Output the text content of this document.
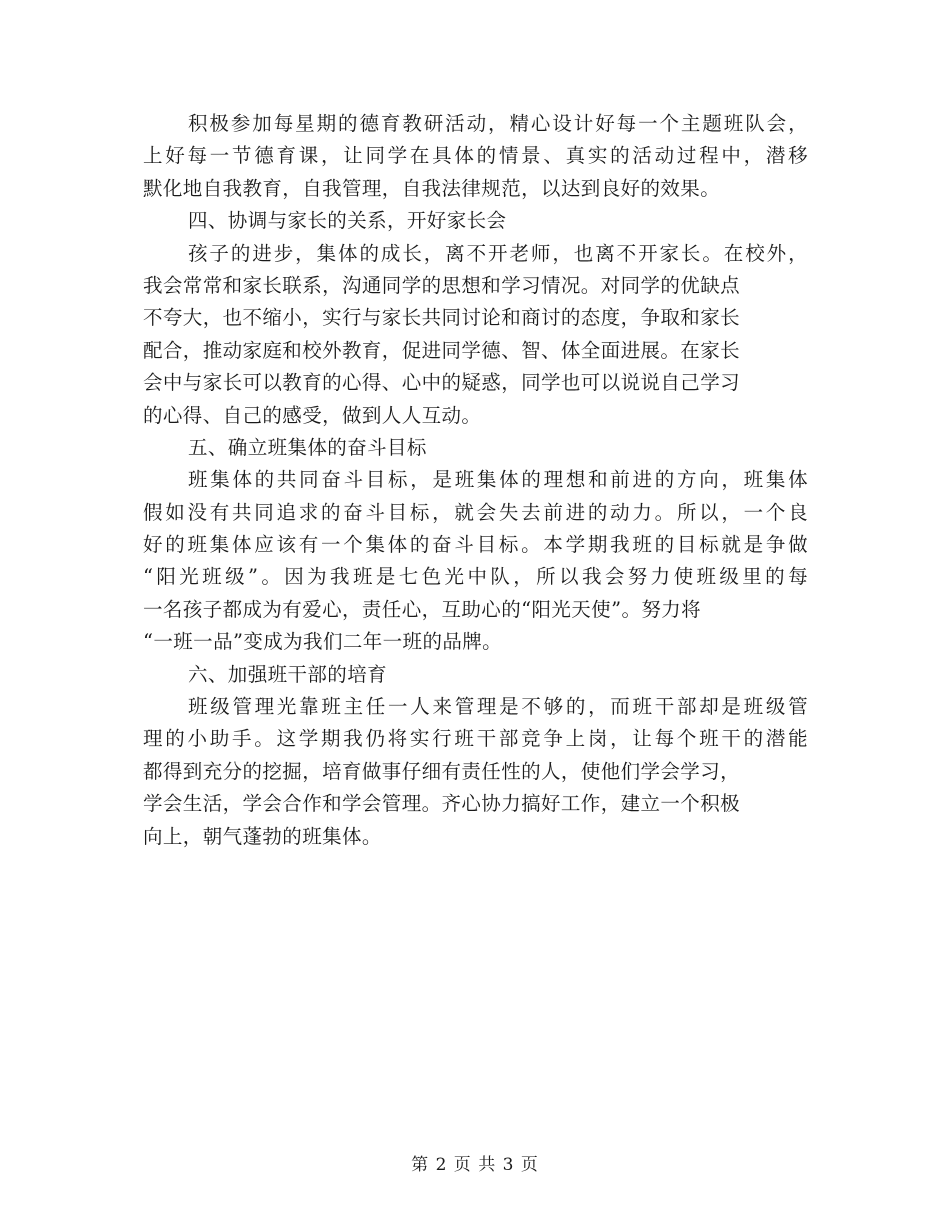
积极参加每星期的德育教研活动，精心设计好每一个主题班队会，
上好每一节德育课，让同学在具体的情景、真实的活动过程中，潜移
默化地自我教育，自我管理，自我法律规范，以达到良好的效果。
四、协调与家长的关系，开好家长会
孩子的进步，集体的成长，离不开老师，也离不开家长。在校外，
我会常常和家长联系，沟通同学的思想和学习情况。对同学的优缺点
不夸大，也不缩小，实行与家长共同讨论和商讨的态度，争取和家长
配合，推动家庭和校外教育，促进同学德、智、体全面进展。在家长
会中与家长可以教育的心得、心中的疑惑，同学也可以说说自己学习
的心得、自己的感受，做到人人互动。
五、确立班集体的奋斗目标
班集体的共同奋斗目标，是班集体的理想和前进的方向，班集体
假如没有共同追求的奋斗目标，就会失去前进的动力。所以，一个良
好的班集体应该有一个集体的奋斗目标。本学期我班的目标就是争做
“阳光班级”。因为我班是七色光中队，所以我会努力使班级里的每
一名孩子都成为有爱心，责任心，互助心的“阳光天使”。努力将
“一班一品”变成为我们二年一班的品牌。
六、加强班干部的培育
班级管理光靠班主任一人来管理是不够的，而班干部却是班级管
理的小助手。这学期我仍将实行班干部竞争上岗，让每个班干的潜能
都得到充分的挖掘，培育做事仔细有责任性的人，使他们学会学习，
学会生活，学会合作和学会管理。齐心协力搞好工作，建立一个积极
向上，朝气蓬勃的班集体。
第 2 页 共 3 页
